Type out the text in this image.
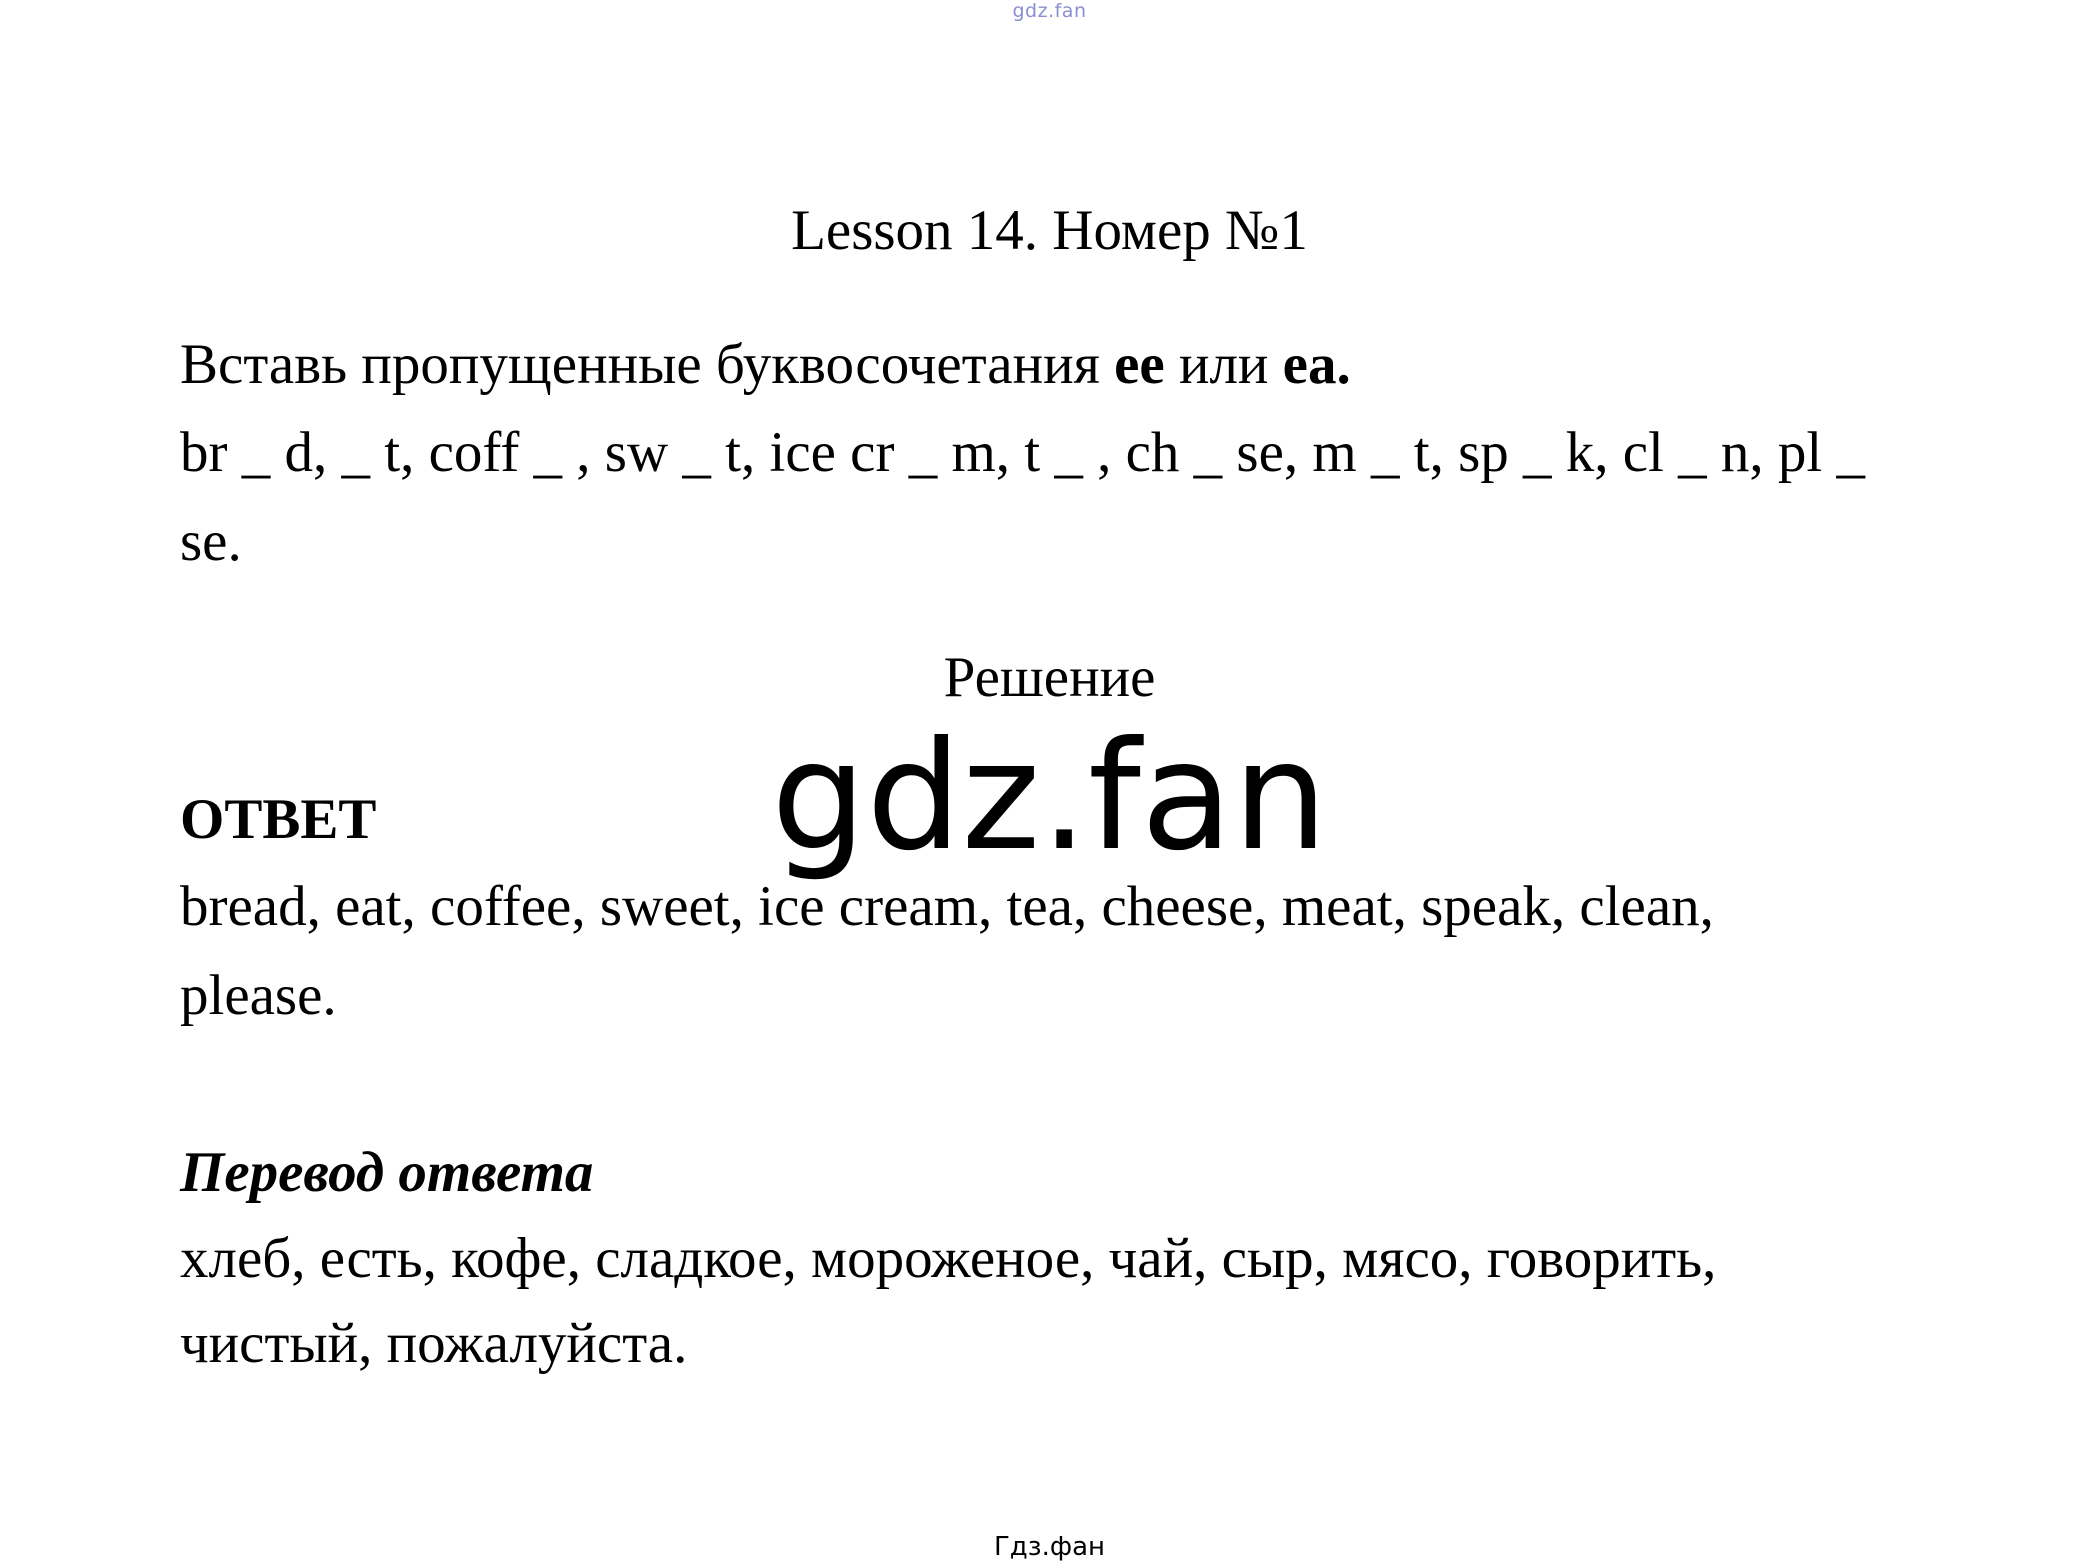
gdz.fan
Lesson 14. Номер №1
Вставь пропущенные буквосочетания ee или ea.
br _ d, _ t, coff _ , sw _ t, ice cr _ m, t _ , ch _ se, m _ t, sp _ k, cl _ n, pl _
se.
Решение
gdz.fan
ОТВЕТ
bread, eat, coffee, sweet, ice cream, tea, cheese, meat, speak, clean,
please.
Перевод ответа
хлеб, есть, кофе, сладкое, мороженое, чай, сыр, мясо, говорить,
чистый, пожалуйста.
Гдз.фан
